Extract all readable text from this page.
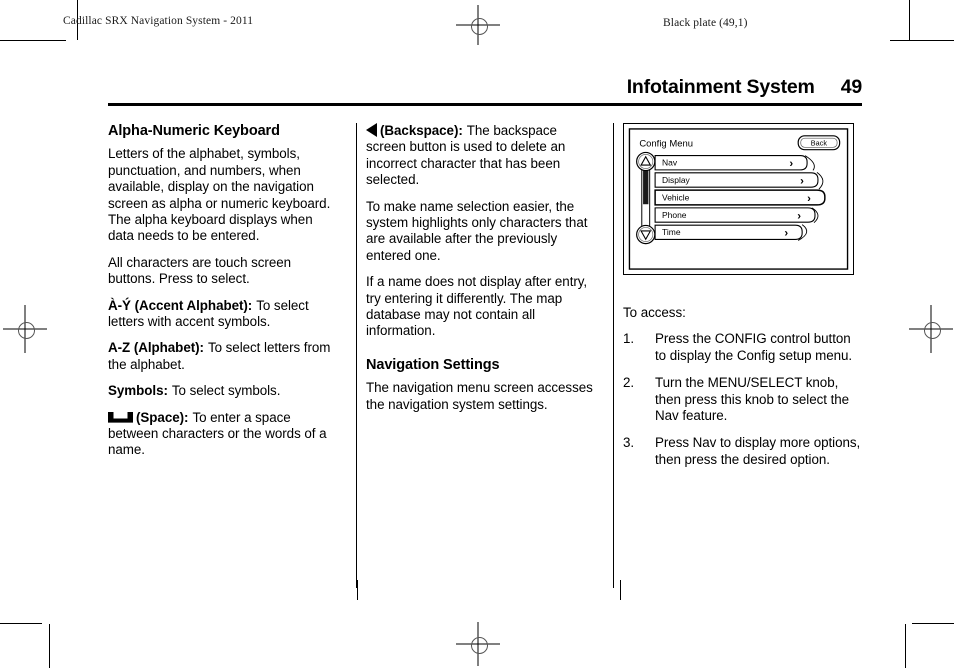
Cadillac SRX Navigation System - 2011	Black plate (49,1)
Infotainment System 49
Alpha-Numeric Keyboard

Letters of the alphabet, symbols, punctuation, and numbers, when available, display on the navigation screen as alpha or numeric keyboard. The alpha keyboard displays when data needs to be entered.

All characters are touch screen buttons. Press to select.

À-Ý (Accent Alphabet): To select letters with accent symbols.

A-Z (Alphabet): To select letters from the alphabet.

Symbols: To select symbols.

(Space): To enter a space between characters or the words of a name.

(Backspace): The backspace screen button is used to delete an incorrect character that has been selected.

To make name selection easier, the system highlights only characters that are available after the previously entered one.

If a name does not display after entry, try entering it differently. The map database may not contain all information.

Navigation Settings

The navigation menu screen accesses the navigation system settings.

Config Menu	Back
Nav	›
Display	›
Vehicle	›
Phone	›
Time	›

To access:

1.	Press the CONFIG control button to display the Config setup menu.
2.	Turn the MENU/SELECT knob, then press this knob to select the Nav feature.
3.	Press Nav to display more options, then press the desired option.
